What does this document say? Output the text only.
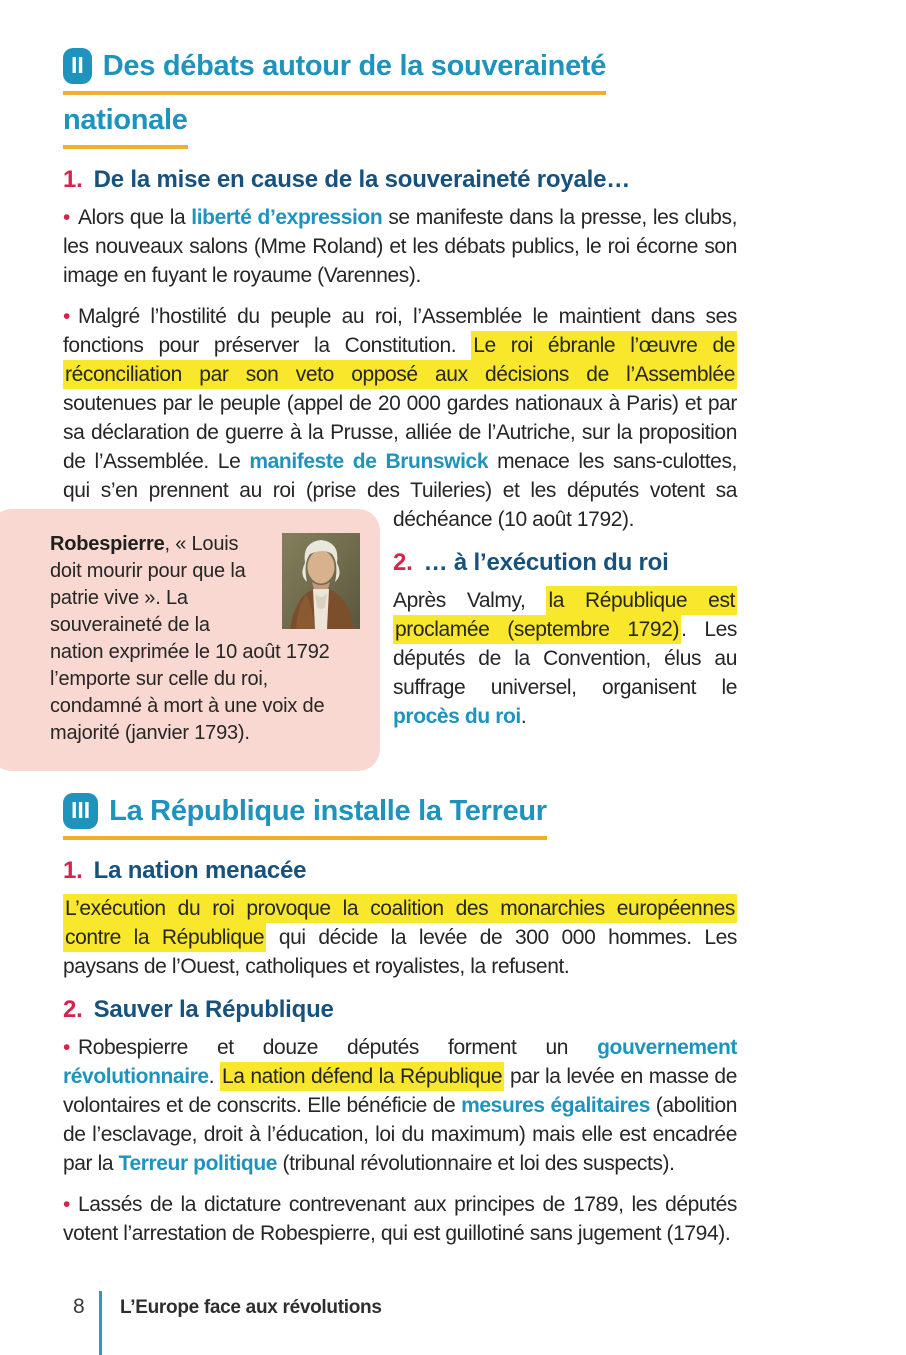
II Des débats autour de la souveraineté
nationale
1. De la mise en cause de la souveraineté royale…

• Alors que la liberté d’expression se manifeste dans la presse, les clubs, les nouveaux salons (Mme Roland) et les débats publics, le roi écorne son image en fuyant le royaume (Varennes).

• Malgré l’hostilité du peuple au roi, l’Assemblée le maintient dans ses fonctions pour préserver la Constitution. Le roi ébranle l’œuvre de réconciliation par son veto opposé aux décisions de l’Assemblée soutenues par le peuple (appel de 20 000 gardes nationaux à Paris) et par sa déclaration de guerre à la Prusse, alliée de l’Autriche, sur la proposition de l’Assemblée. Le manifeste de Brunswick menace les sans-culottes, qui s’en prennent au roi (prise des Tuileries) et
Robespierre, « Louis doit mourir pour que la patrie vive ». La souveraineté de la nation exprimée le 10 août 1792 l’emporte sur celle du roi, condamné à mort à une voix de majorité (janvier 1793).
les députés votent sa déchéance (10 août 1792).

2. … à l’exécution du roi

Après Valmy, la République est proclamée (septembre 1792). Les députés de la Convention, élus au suffrage universel, organisent le procès du roi.

III La République installe la Terreur
1. La nation menacée

L’exécution du roi provoque la coalition des monarchies européennes contre la République qui décide la levée de 300 000 hommes. Les paysans de l’Ouest, catholiques et royalistes, la refusent.

2. Sauver la République

• Robespierre et douze députés forment un gouvernement révolutionnaire. La nation défend la République par la levée en masse de volontaires et de conscrits. Elle bénéficie de mesures égalitaires (abolition de l’esclavage, droit à l’éducation, loi du maximum) mais elle est encadrée par la Terreur politique (tribunal révolutionnaire et loi des suspects).

• Lassés de la dictature contrevenant aux principes de 1789, les députés votent l’arrestation de Robespierre, qui est guillotiné sans jugement (1794).

8	L’Europe face aux révolutions
